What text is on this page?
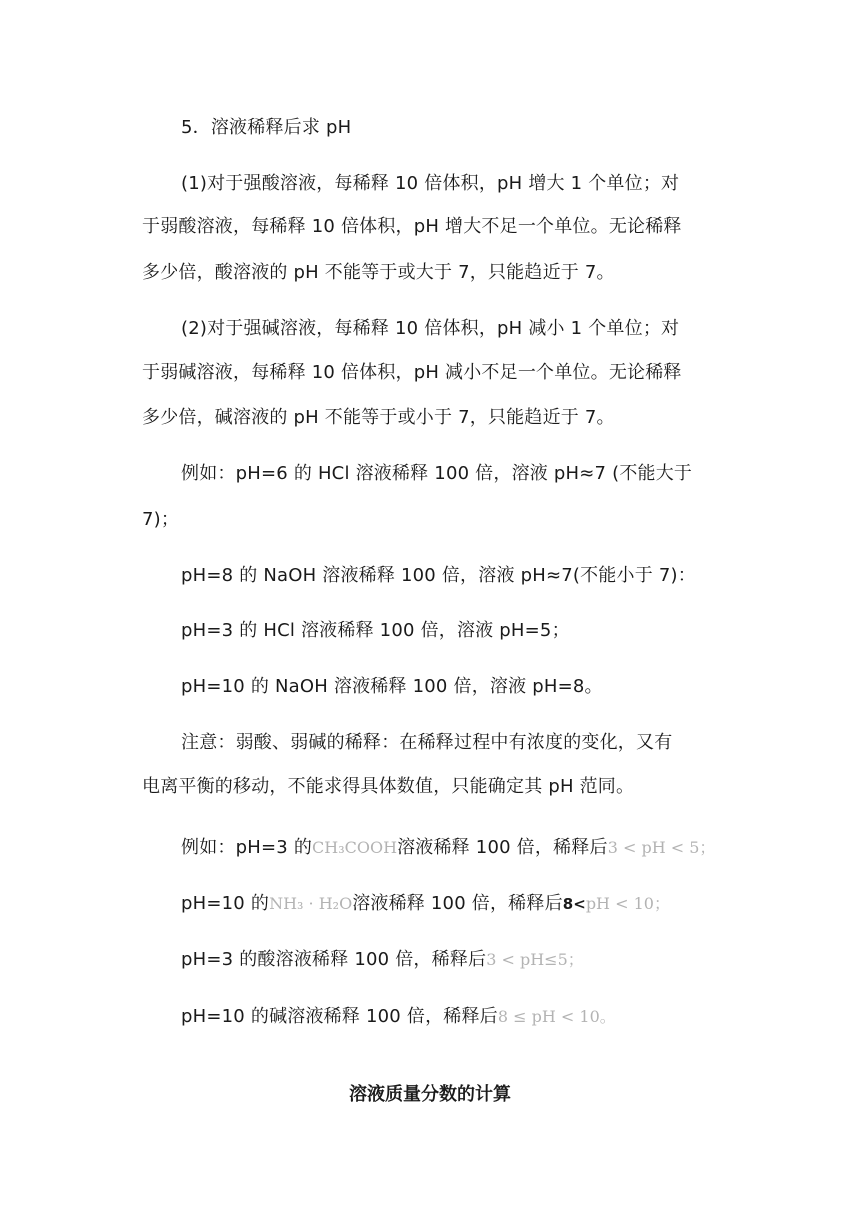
5．溶液稀释后求 pH
(1)对于强酸溶液，每稀释 10 倍体积，pH 增大 1 个单位；对
于弱酸溶液，每稀释 10 倍体积，pH 增大不足一个单位。无论稀释
多少倍，酸溶液的 pH 不能等于或大于 7，只能趋近于 7。
(2)对于强碱溶液，每稀释 10 倍体积，pH 减小 1 个单位；对
于弱碱溶液，每稀释 10 倍体积，pH 减小不足一个单位。无论稀释
多少倍，碱溶液的 pH 不能等于或小于 7，只能趋近于 7。
例如：pH=6 的 HCl 溶液稀释 100 倍，溶液 pH≈7 (不能大于
7)；
pH=8 的 NaOH 溶液稀释 100 倍，溶液 pH≈7(不能小于 7)：
pH=3 的 HCl 溶液稀释 100 倍，溶液 pH=5；
pH=10 的 NaOH 溶液稀释 100 倍，溶液 pH=8。
注意：弱酸、弱碱的稀释：在稀释过程中有浓度的变化，又有
电离平衡的移动，不能求得具体数值，只能确定其 pH 范同。
例如：pH=3 的CH₃COOH溶液稀释 100 倍，稀释后3 < pH < 5；
pH=10 的NH₃ · H₂O溶液稀释 100 倍，稀释后8<pH < 10；
pH=3 的酸溶液稀释 100 倍，稀释后3 < pH≤5；
pH=10 的碱溶液稀释 100 倍，稀释后8 ≤ pH < 10。
溶液质量分数的计算
